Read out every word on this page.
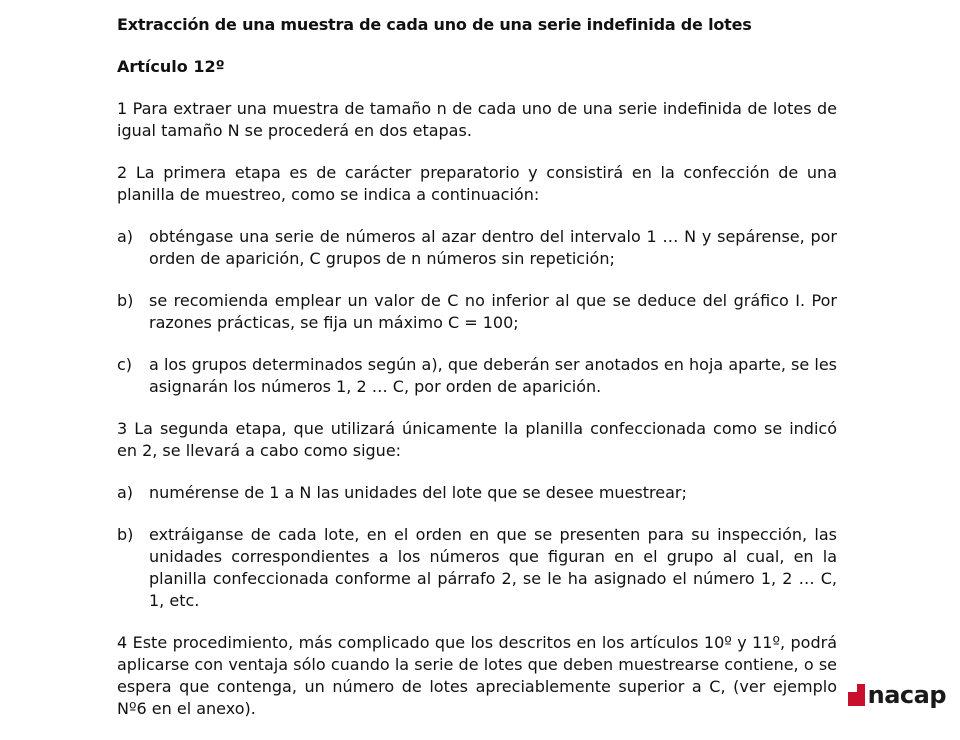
Extracción de una muestra de cada uno de una serie indefinida de lotes
Artículo 12º
1 Para extraer una muestra de tamaño n de cada uno de una serie indefinida de lotes de igual tamaño N se procederá en dos etapas.
2 La primera etapa es de carácter preparatorio y consistirá en la confección de una planilla de muestreo, como se indica a continuación:
a) obténgase una serie de números al azar dentro del intervalo 1 … N y sepárense, por orden de aparición, C grupos de n números sin repetición;
b) se recomienda emplear un valor de C no inferior al que se deduce del gráfico I. Por razones prácticas, se fija un máximo C = 100;
c)	a los grupos determinados según a), que deberán ser anotados en hoja aparte, se les asignarán los números 1, 2 … C, por orden de aparición.
3 La segunda etapa, que utilizará únicamente la planilla confeccionada como se indicó en 2, se llevará a cabo como sigue:
a) numérense de 1 a N las unidades del lote que se desee muestrear;
b) extráiganse de cada lote, en el orden en que se presenten para su inspección, las unidades correspondientes a los números que figuran en el grupo al cual, en la planilla confeccionada conforme al párrafo 2, se le ha asignado el número 1, 2 … C, 1, etc.
4 Este procedimiento, más complicado que los descritos en los artículos 10º y 11º, podrá aplicarse con ventaja sólo cuando la serie de lotes que deben muestrearse contiene, o se espera que contenga, un número de lotes apreciablemente superior a C, (ver ejemplo Nº6 en el anexo).	nacap
